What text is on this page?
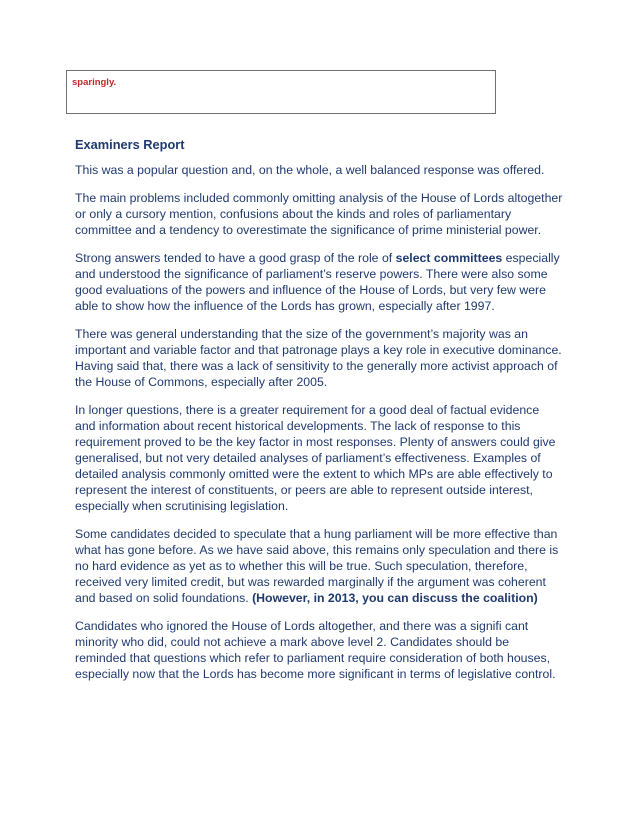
sparingly.
Examiners Report

This was a popular question and, on the whole, a well balanced response was offered.

The main problems included commonly omitting analysis of the House of Lords altogether or only a cursory mention, confusions about the kinds and roles of parliamentary committee and a tendency to overestimate the significance of prime ministerial power.

Strong answers tended to have a good grasp of the role of select committees especially and understood the significance of parliament’s reserve powers. There were also some good evaluations of the powers and influence of the House of Lords, but very few were able to show how the influence of the Lords has grown, especially after 1997.

There was general understanding that the size of the government’s majority was an important and variable factor and that patronage plays a key role in executive dominance. Having said that, there was a lack of sensitivity to the generally more activist approach of the House of Commons, especially after 2005.

In longer questions, there is a greater requirement for a good deal of factual evidence and information about recent historical developments. The lack of response to this requirement proved to be the key factor in most responses. Plenty of answers could give generalised, but not very detailed analyses of parliament’s effectiveness. Examples of detailed analysis commonly omitted were the extent to which MPs are able effectively to represent the interest of constituents, or peers are able to represent outside interest, especially when scrutinising legislation.

Some candidates decided to speculate that a hung parliament will be more effective than what has gone before. As we have said above, this remains only speculation and there is no hard evidence as yet as to whether this will be true. Such speculation, therefore, received very limited credit, but was rewarded marginally if the argument was coherent and based on solid foundations. (However, in 2013, you can discuss the coalition)

Candidates who ignored the House of Lords altogether, and there was a signifi cant minority who did, could not achieve a mark above level 2. Candidates should be reminded that questions which refer to parliament require consideration of both houses, especially now that the Lords has become more significant in terms of legislative control.
